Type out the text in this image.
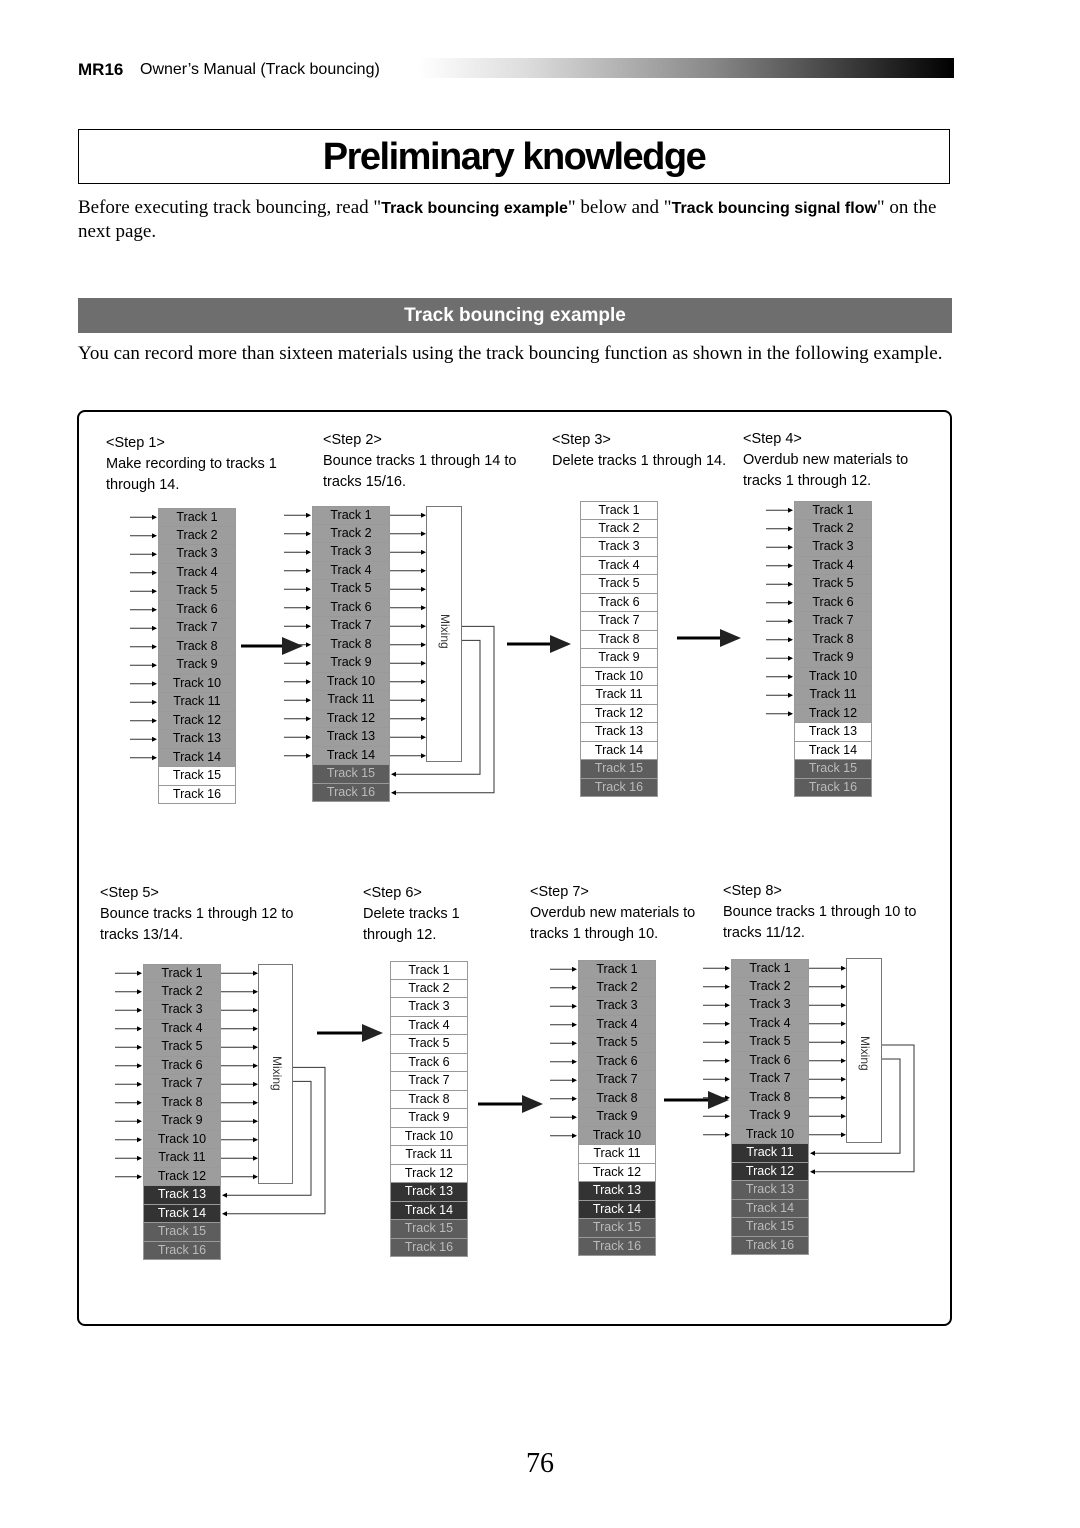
MR16 Owner’s Manual (Track bouncing)
Preliminary knowledge
Before executing track bouncing, read "Track bouncing example" below and "Track bouncing signal flow" on the next page.
Track bouncing example
You can record more than sixteen materials using the track bouncing function as shown in the following example.
<Step 1>
Make recording to tracks 1 through 14.
Track 1
Track 2
Track 3
Track 4
Track 5
Track 6
Track 7
Track 8
Track 9
Track 10
Track 11
Track 12
Track 13
Track 14
Track 15
Track 16
<Step 2>
Bounce tracks 1 through 14 to tracks 15/16.
Track 1
Track 2
Track 3
Track 4
Track 5
Track 6
Track 7
Track 8
Track 9
Track 10
Track 11
Track 12
Track 13
Track 14
Track 15
Track 16
Mixing
<Step 3>
Delete tracks 1 through 14.
Track 1
Track 2
Track 3
Track 4
Track 5
Track 6
Track 7
Track 8
Track 9
Track 10
Track 11
Track 12
Track 13
Track 14
Track 15
Track 16
<Step 4>
Overdub new materials to tracks 1 through 12.
Track 1
Track 2
Track 3
Track 4
Track 5
Track 6
Track 7
Track 8
Track 9
Track 10
Track 11
Track 12
Track 13
Track 14
Track 15
Track 16
<Step 5>
Bounce tracks 1 through 12 to tracks 13/14.
Track 1
Track 2
Track 3
Track 4
Track 5
Track 6
Track 7
Track 8
Track 9
Track 10
Track 11
Track 12
Track 13
Track 14
Track 15
Track 16
Mixing
<Step 6>
Delete tracks 1 through 12.
Track 1
Track 2
Track 3
Track 4
Track 5
Track 6
Track 7
Track 8
Track 9
Track 10
Track 11
Track 12
Track 13
Track 14
Track 15
Track 16
<Step 7>
Overdub new materials to tracks 1 through 10.
Track 1
Track 2
Track 3
Track 4
Track 5
Track 6
Track 7
Track 8
Track 9
Track 10
Track 11
Track 12
Track 13
Track 14
Track 15
Track 16
<Step 8>
Bounce tracks 1 through 10 to tracks 11/12.
Track 1
Track 2
Track 3
Track 4
Track 5
Track 6
Track 7
Track 8
Track 9
Track 10
Track 11
Track 12
Track 13
Track 14
Track 15
Track 16
Mixing
76
